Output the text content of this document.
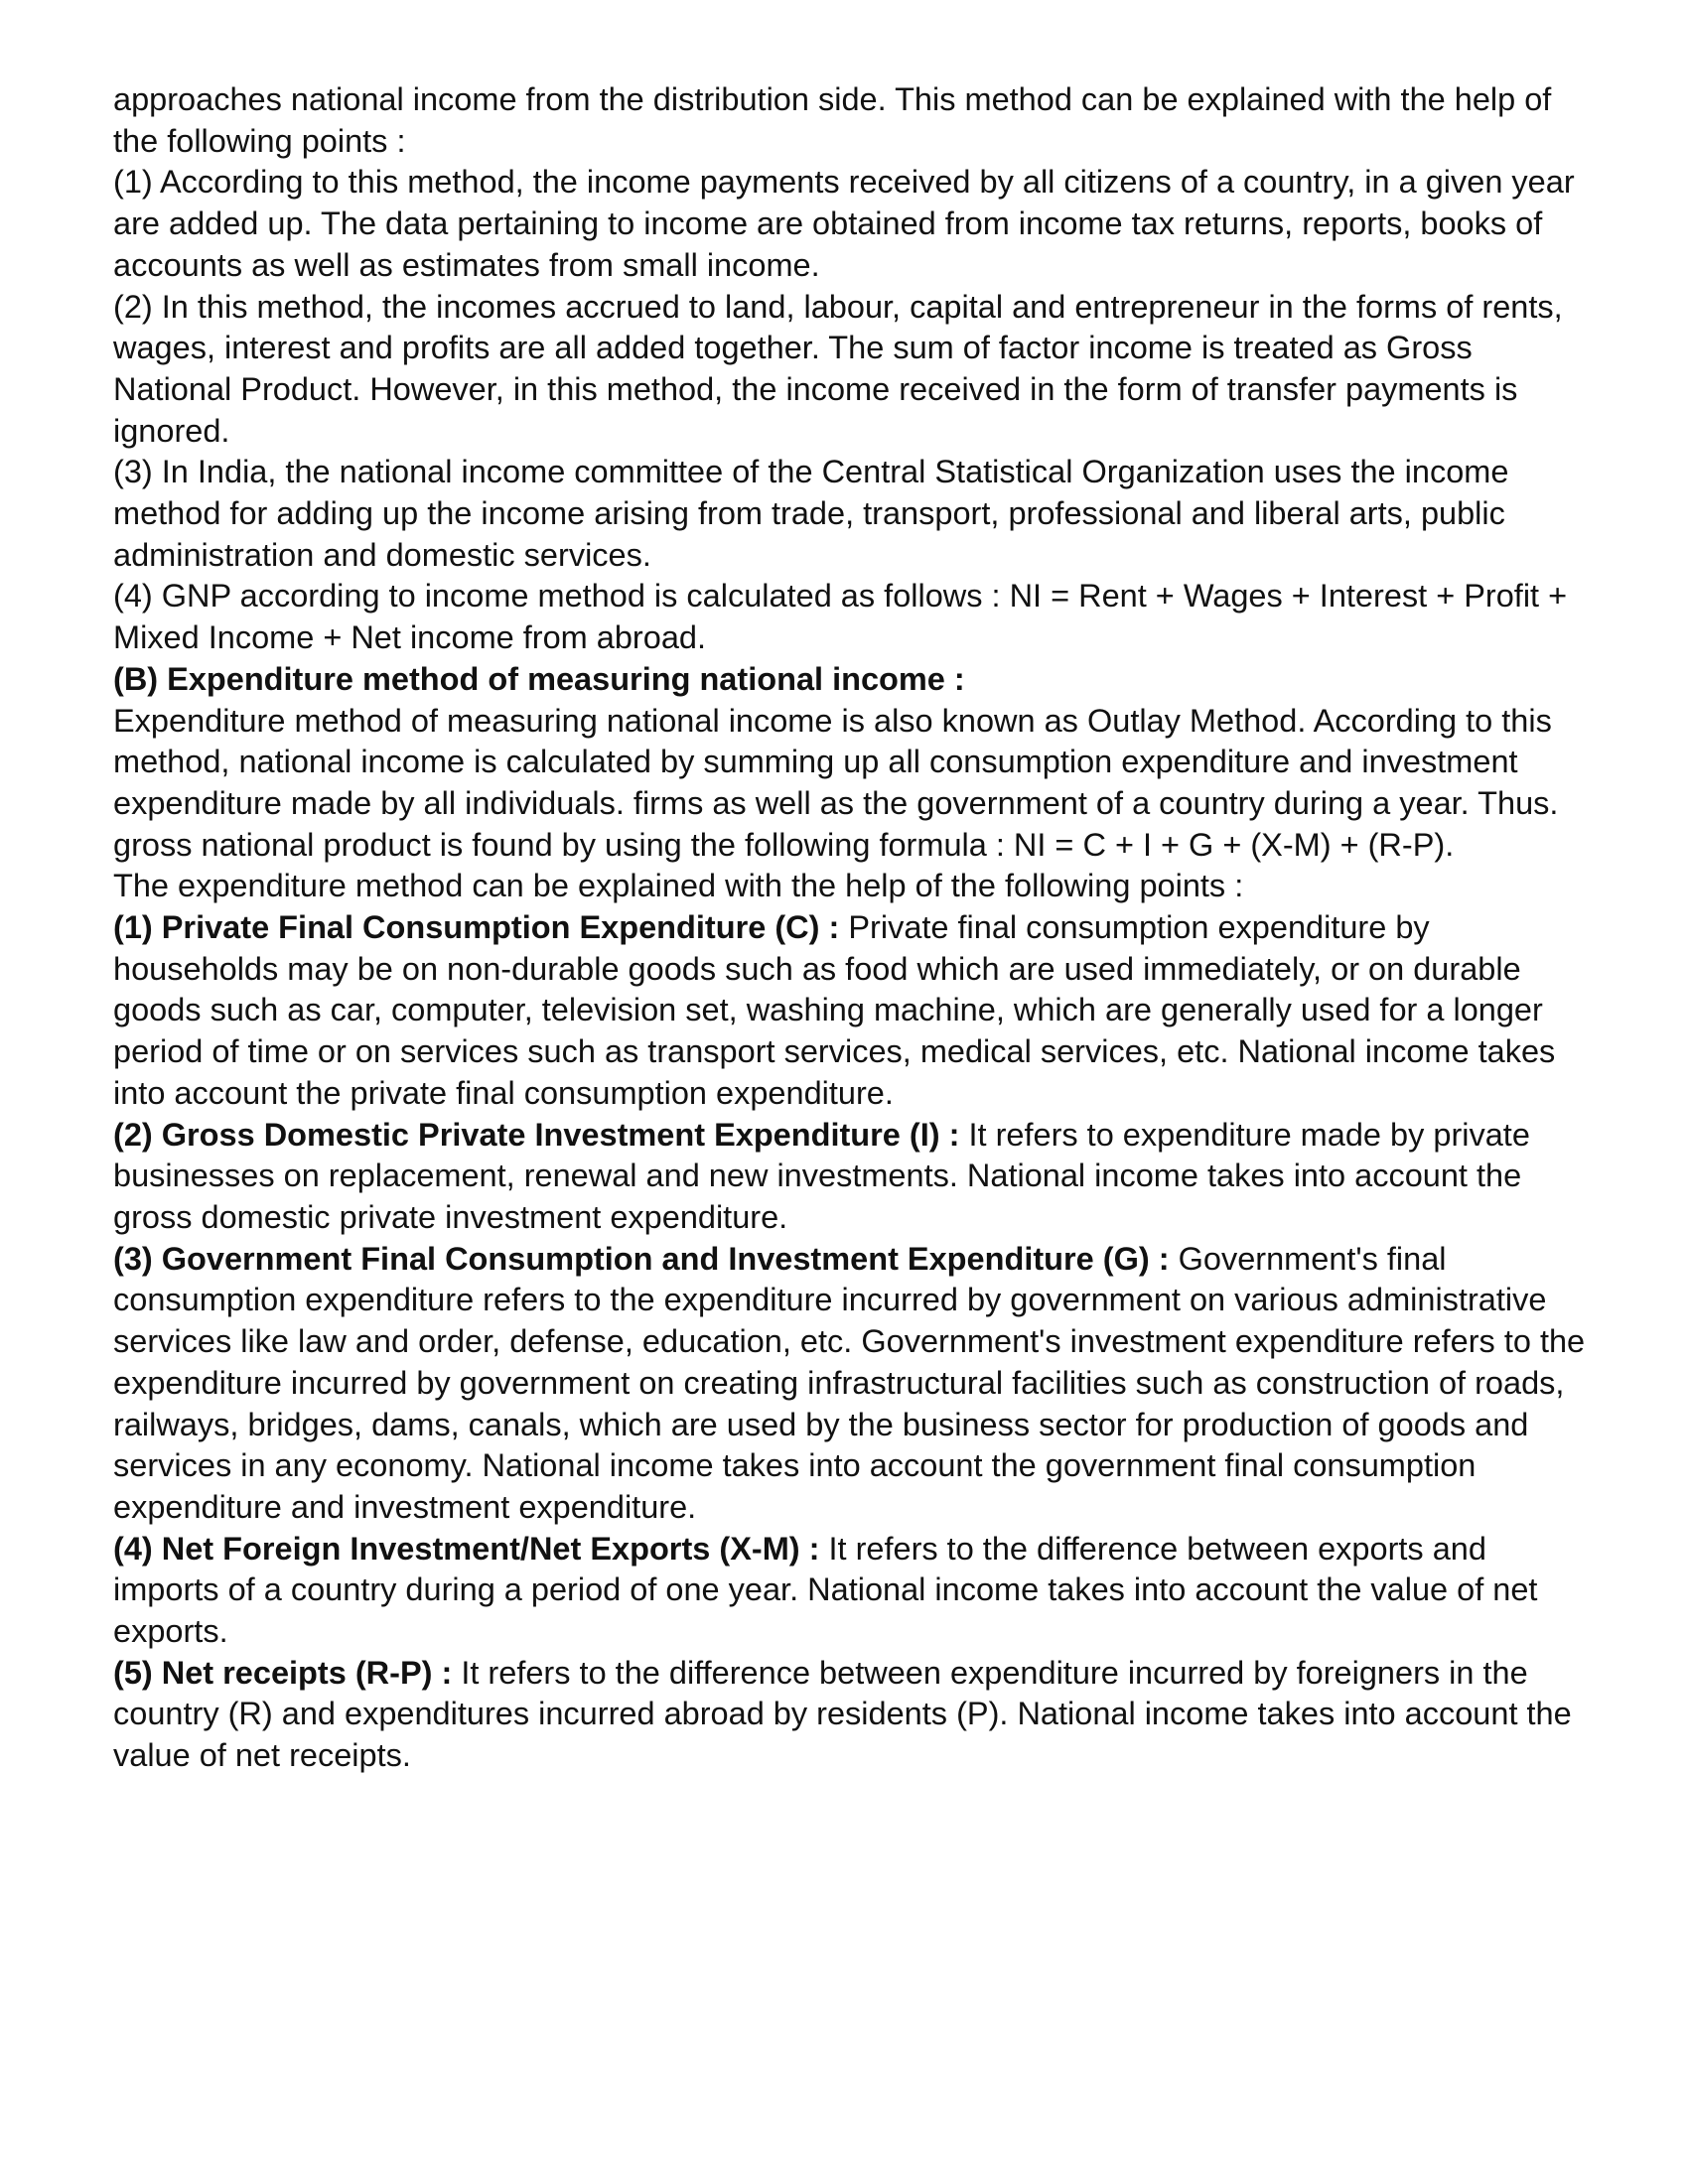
approaches national income from the distribution side. This method can be explained with the help of the following points :

(1) According to this method, the income payments received by all citizens of a country, in a given year are added up. The data pertaining to income are obtained from income tax returns, reports, books of accounts as well as estimates from small income.

(2) In this method, the incomes accrued to land, labour, capital and entrepreneur in the forms of rents, wages, interest and profits are all added together. The sum of factor income is treated as Gross National Product. However, in this method, the income received in the form of transfer payments is ignored.

(3) In India, the national income committee of the Central Statistical Organization uses the income method for adding up the income arising from trade, transport, professional and liberal arts, public administration and domestic services.

(4) GNP according to income method is calculated as follows : NI = Rent + Wages + Interest + Profit + Mixed Income + Net income from abroad.

(B) Expenditure method of measuring national income :

Expenditure method of measuring national income is also known as Outlay Method. According to this method, national income is calculated by summing up all consumption expenditure and investment expenditure made by all individuals. firms as well as the government of a country during a year. Thus. gross national product is found by using the following formula : NI = C + I + G + (X-M) + (R-P).

The expenditure method can be explained with the help of the following points :

(1) Private Final Consumption Expenditure (C) : Private final consumption expenditure by households may be on non-durable goods such as food which are used immediately, or on durable goods such as car, computer, television set, washing machine, which are generally used for a longer period of time or on services such as transport services, medical services, etc. National income takes into account the private final consumption expenditure.

(2) Gross Domestic Private Investment Expenditure (I) : It refers to expenditure made by private businesses on replacement, renewal and new investments. National income takes into account the gross domestic private investment expenditure.

(3) Government Final Consumption and Investment Expenditure (G) : Government's final consumption expenditure refers to the expenditure incurred by government on various administrative services like law and order, defense, education, etc. Government's investment expenditure refers to the expenditure incurred by government on creating infrastructural facilities such as construction of roads, railways, bridges, dams, canals, which are used by the business sector for production of goods and services in any economy. National income takes into account the government final consumption expenditure and investment expenditure.

(4) Net Foreign Investment/Net Exports (X-M) : It refers to the difference between exports and imports of a country during a period of one year. National income takes into account the value of net exports.

(5) Net receipts (R-P) : It refers to the difference between expenditure incurred by foreigners in the country (R) and expenditures incurred abroad by residents (P). National income takes into account the value of net receipts.
